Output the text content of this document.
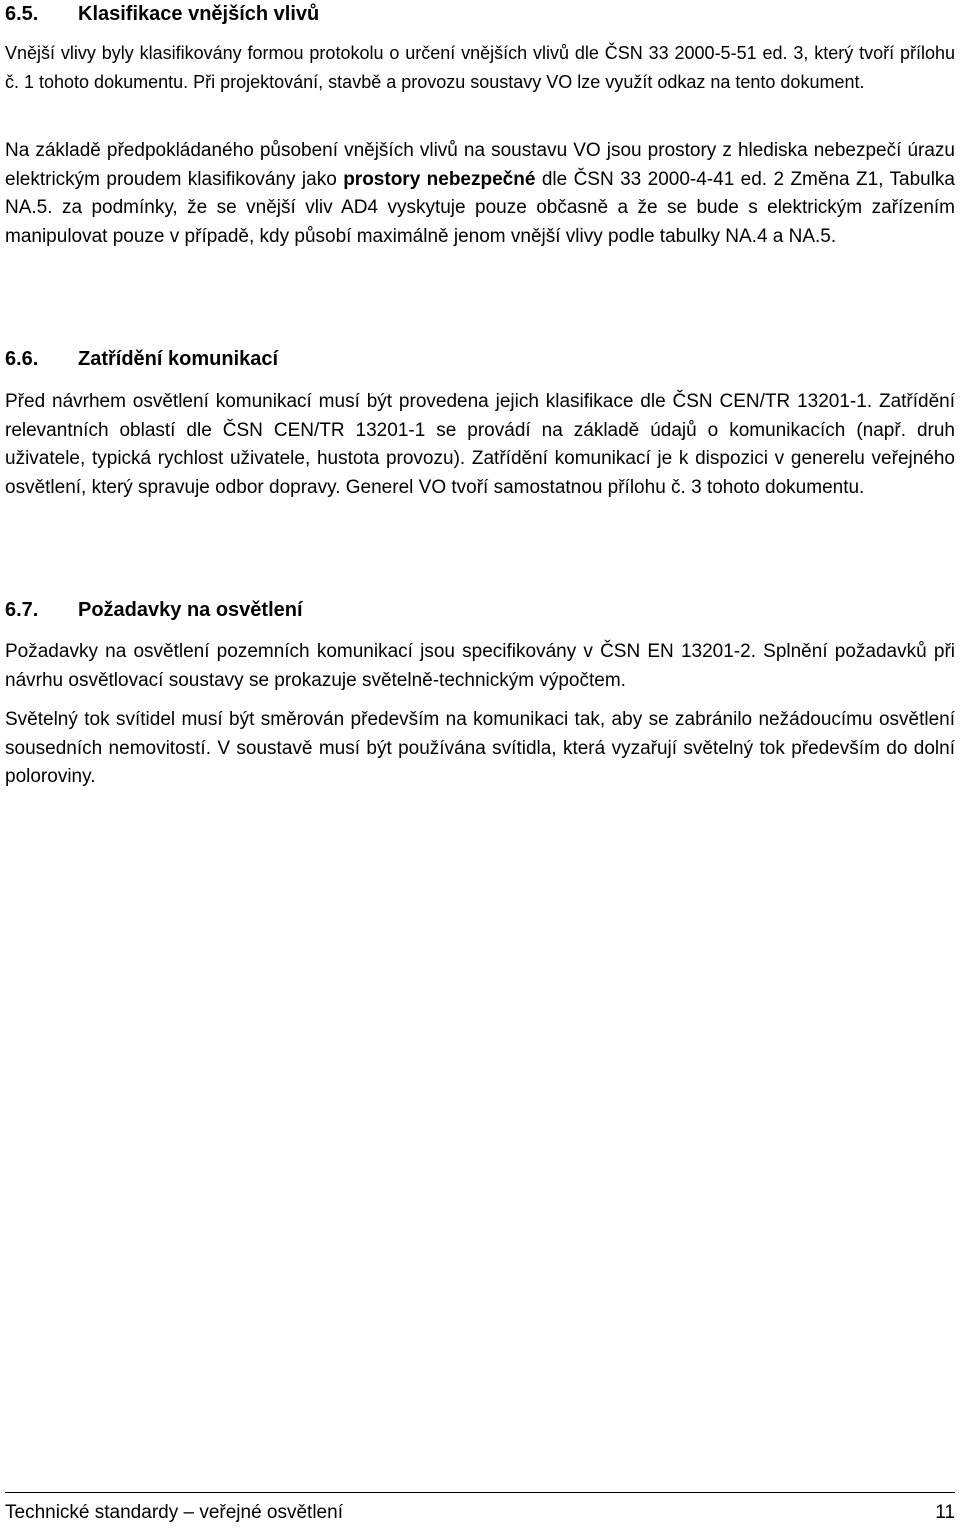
6.5. Klasifikace vnějších vlivů

Vnější vlivy byly klasifikovány formou protokolu o určení vnějších vlivů dle ČSN 33 2000-5-51 ed. 3, který tvoří přílohu č. 1 tohoto dokumentu. Při projektování, stavbě a provozu soustavy VO lze využít odkaz na tento dokument.

Na základě předpokládaného působení vnějších vlivů na soustavu VO jsou prostory z hlediska nebezpečí úrazu elektrickým proudem klasifikovány jako prostory nebezpečné dle ČSN 33 2000-4-41 ed. 2 Změna Z1, Tabulka NA.5. za podmínky, že se vnější vliv AD4 vyskytuje pouze občasně a že se bude s elektrickým zařízením manipulovat pouze v případě, kdy působí maximálně jenom vnější vlivy podle tabulky NA.4 a NA.5.

6.6. Zatřídění komunikací

Před návrhem osvětlení komunikací musí být provedena jejich klasifikace dle ČSN CEN/TR 13201-1. Zatřídění relevantních oblastí dle ČSN CEN/TR 13201-1 se provádí na základě údajů o komunikacích (např. druh uživatele, typická rychlost uživatele, hustota provozu). Zatřídění komunikací je k dispozici v generelu veřejného osvětlení, který spravuje odbor dopravy. Generel VO tvoří samostatnou přílohu č. 3 tohoto dokumentu.

6.7. Požadavky na osvětlení

Požadavky na osvětlení pozemních komunikací jsou specifikovány v ČSN EN 13201-2. Splnění požadavků při návrhu osvětlovací soustavy se prokazuje světelně-technickým výpočtem.

Světelný tok svítidel musí být směrován především na komunikaci tak, aby se zabránilo nežádoucímu osvětlení sousedních nemovitostí. V soustavě musí být používána svítidla, která vyzařují světelný tok především do dolní poloroviny.

Technické standardy – veřejné osvětlení	11
